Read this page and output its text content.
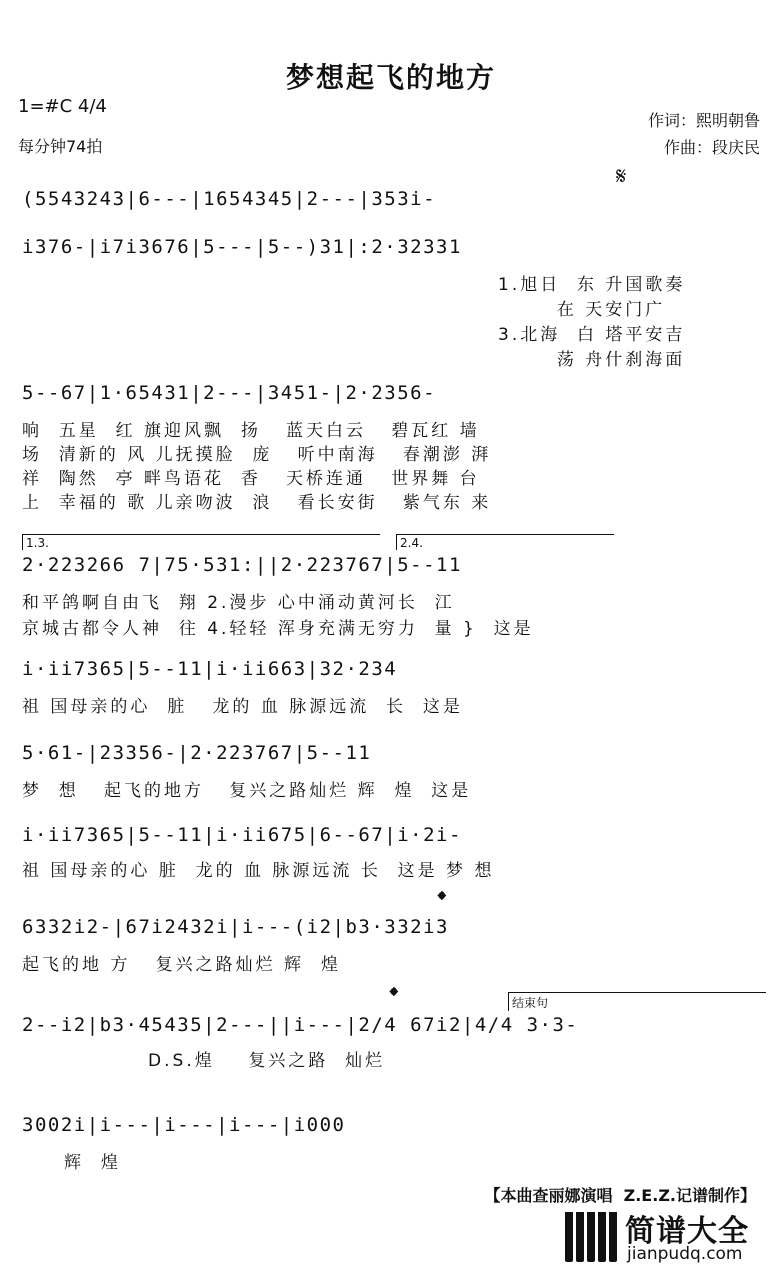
梦想起飞的地方
1=#C 4/4
每分钟74拍
作词：熙明朝鲁
作曲：段庆民
𝄋
(5543243|6---|1654345|2---|353i-
i376-|i7i3676|5---|5--)31|:2·32331
1.旭日  东 升国歌奏
在 天安门广
3.北海  白 塔平安吉
荡 舟什刹海面
5--67|1·65431|2---|3451-|2·2356-
响  五星  红 旗迎风飘  扬   蓝天白云   碧瓦红 墙
场  清新的 风 儿抚摸脸  庞   听中南海   春潮澎 湃
祥  陶然  亭 畔鸟语花  香   天桥连通   世界舞 台
上  幸福的 歌 儿亲吻波  浪   看长安街   紫气东 来
1.3.	2.4.
2·223266 7|75·531:||2·223767|5--11
和平鸽啊自由飞  翔 2.漫步 心中涌动黄河长  江
京城古都令人神  往 4.轻轻 浑身充满无穷力  量 }  这是
i·ii7365|5--11|i·ii663|32·234
祖 国母亲的心  脏   龙的 血 脉源远流  长  这是
5·61-|23356-|2·223767|5--11
梦  想   起飞的地方   复兴之路灿烂 辉  煌  这是
i·ii7365|5--11|i·ii675|6--67|i·2i-
祖 国母亲的心 脏  龙的 血 脉源远流 长  这是 梦 想
𝄌
6332i2-|67i2432i|i---(i2|b3·332i3
起飞的地 方   复兴之路灿烂 辉  煌
𝄌	结束句
2--i2|b3·45435|2---||i---|2/4 67i2|4/4 3·3-
D.S.煌    复兴之路  灿烂
3002i|i---|i---|i---|i000
辉  煌
【本曲查丽娜演唱  Z.E.Z.记谱制作】
简谱大全
jianpudq.com
